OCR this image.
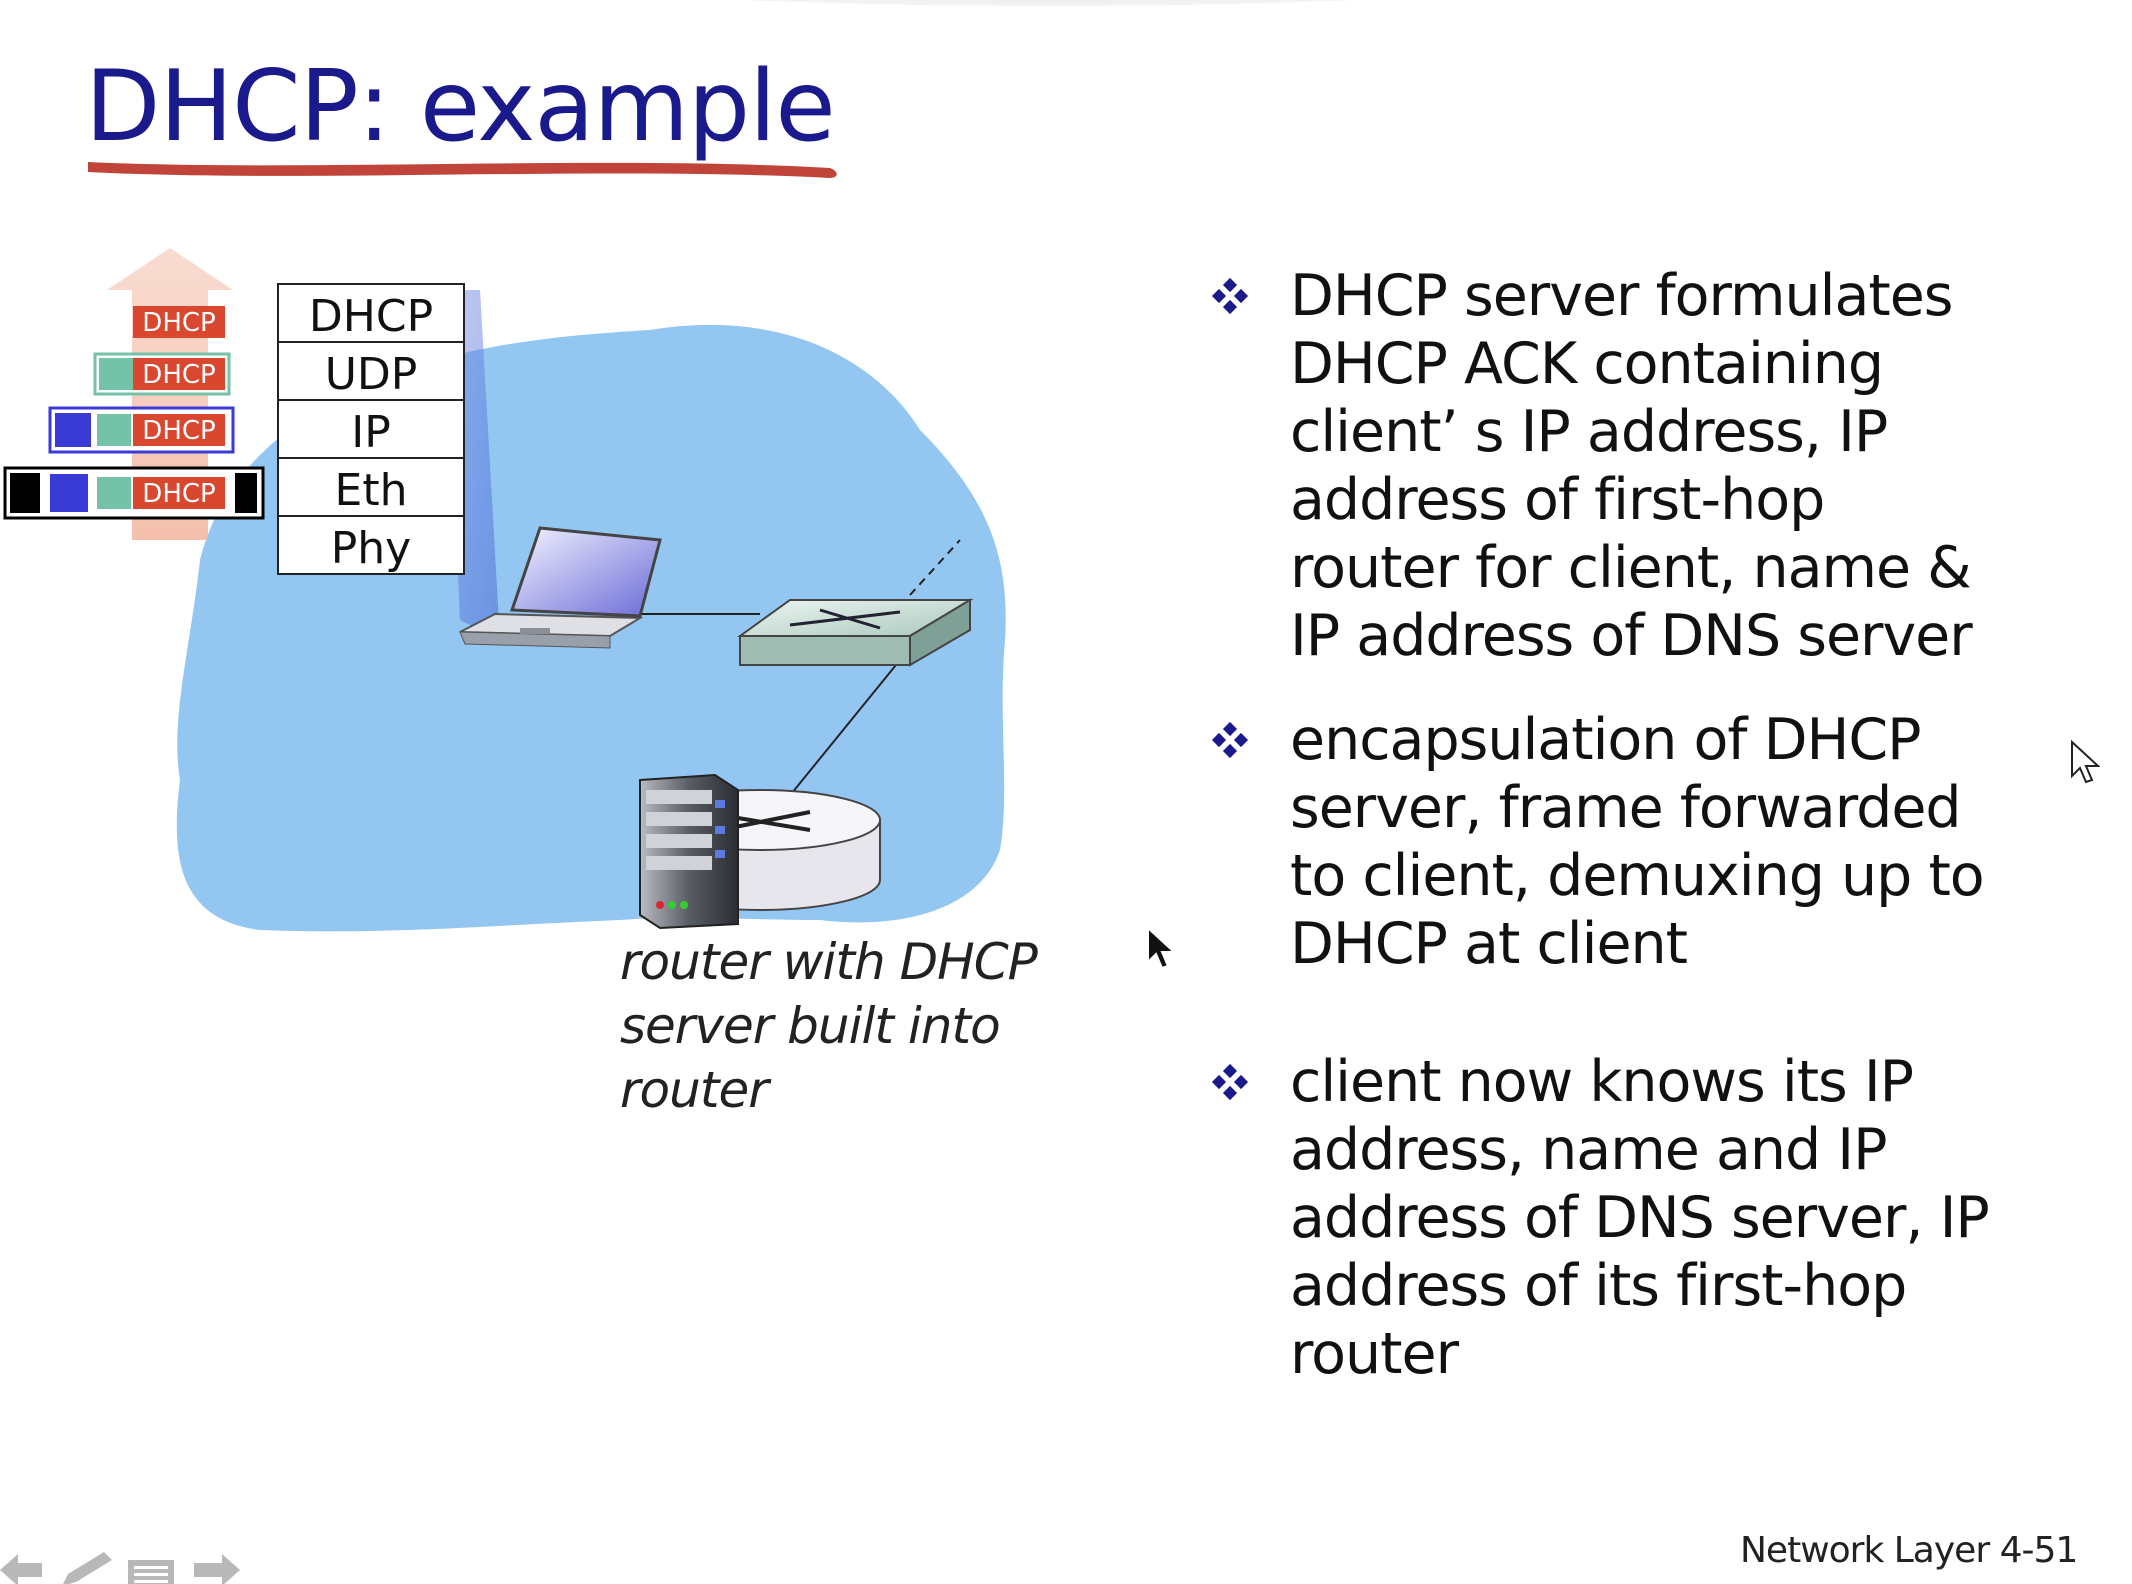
DHCP: example
DHCP
UDP
IP
Eth
Phy
DHCP
DHCP
DHCP
DHCP
router with DHCP
server built into
router
DHCP server formulates
DHCP ACK containing
client’ s IP address, IP
address of first-hop
router for client, name &
IP address of DNS server
encapsulation of DHCP
server, frame forwarded
to client, demuxing up to
DHCP at client
client now knows its IP
address, name and IP
address of DNS server, IP
address of its first-hop
router
Network Layer 4-51
